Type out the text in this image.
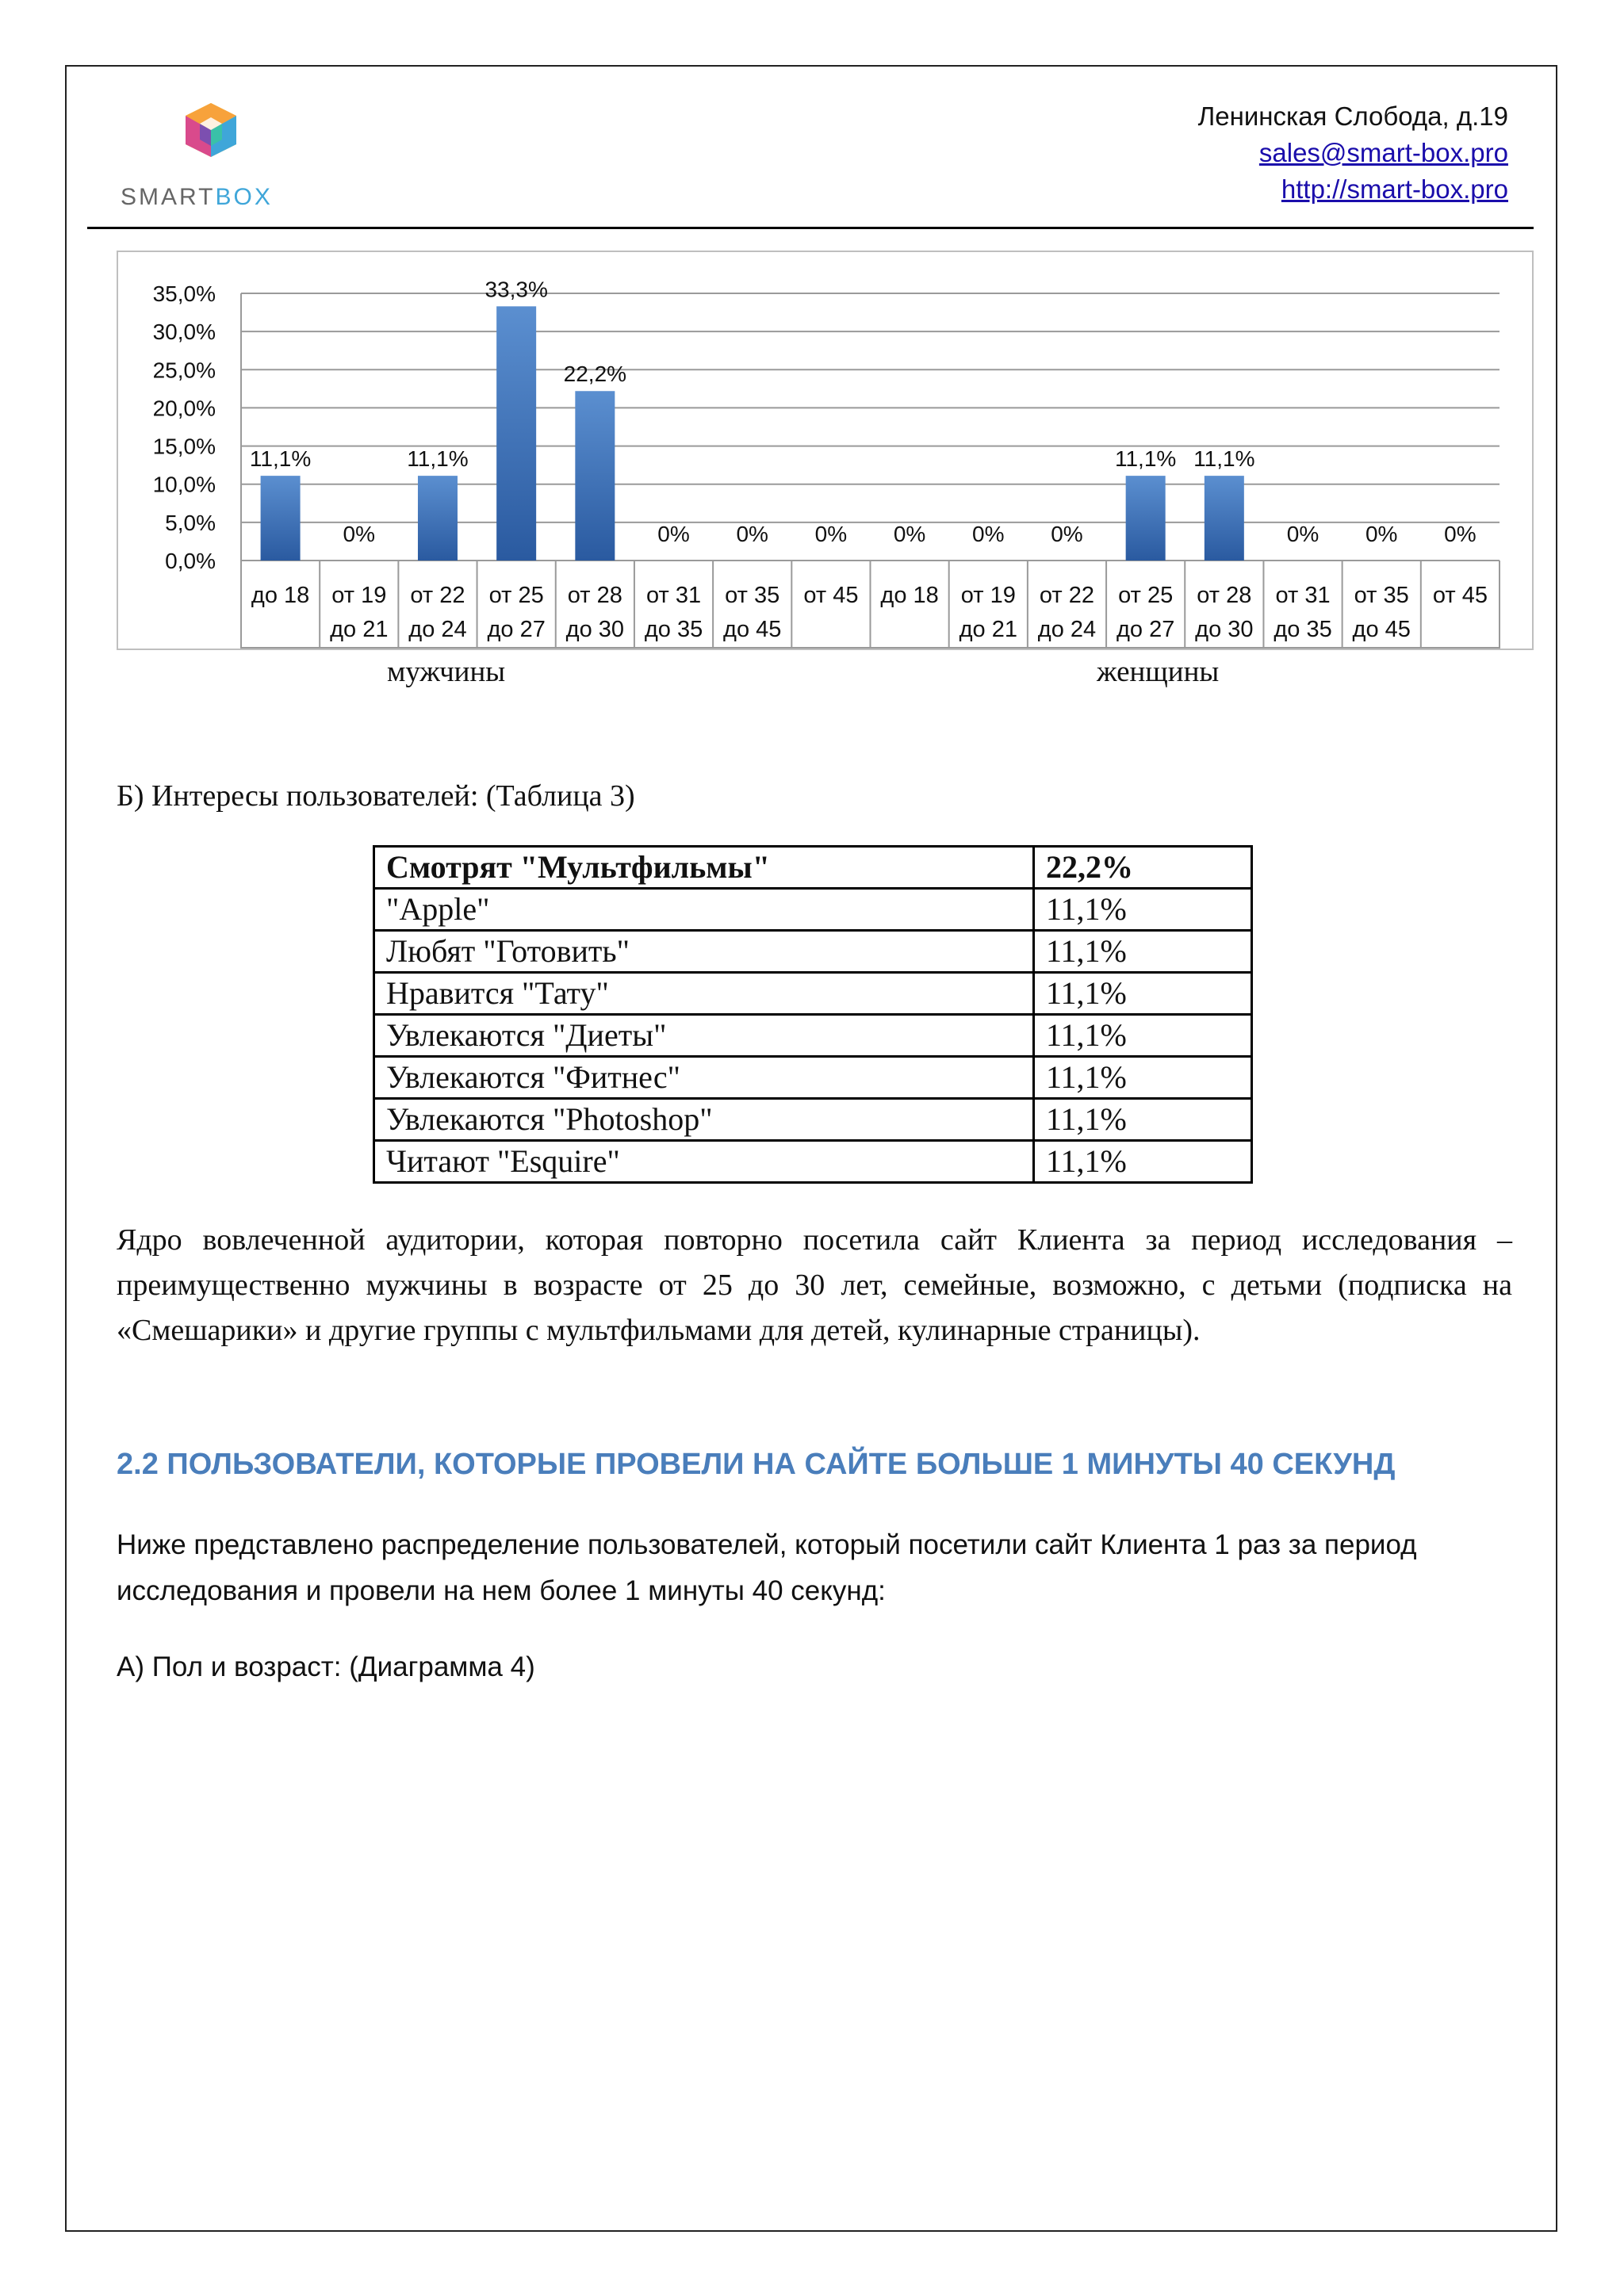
SMARTBOX
Ленинская Слобода, д.19
sales@smart-box.pro
http://smart-box.pro
0,0%
5,0%
10,0%
15,0%
20,0%
25,0%
30,0%
35,0%
11,1%
до 18
0%
от 19
до 21
11,1%
от 22
до 24
33,3%
от 25
до 27
22,2%
от 28
до 30
0%
от 31
до 35
0%
от 35
до 45
0%
от 45
0%
до 18
0%
от 19
до 21
0%
от 22
до 24
11,1%
от 25
до 27
11,1%
от 28
до 30
0%
от 31
до 35
0%
от 35
до 45
0%
от 45
мужчины	женщины
Б) Интересы пользователей: (Таблица 3)
Смотрят "Мультфильмы"	22,2%
"Apple"	11,1%
Любят "Готовить"	11,1%
Нравится "Тату"	11,1%
Увлекаются "Диеты"	11,1%
Увлекаются "Фитнес"	11,1%
Увлекаются "Photoshop"	11,1%
Читают "Esquire"	11,1%
Ядро вовлеченной аудитории, которая повторно посетила сайт Клиента за период исследования – преимущественно мужчины в возрасте от 25 до 30 лет, семейные, возможно, с детьми (подписка на «Смешарики» и другие группы с мультфильмами для детей, кулинарные страницы).
2.2 ПОЛЬЗОВАТЕЛИ, КОТОРЫЕ ПРОВЕЛИ НА САЙТЕ БОЛЬШЕ 1 МИНУТЫ 40 СЕКУНД
Ниже представлено распределение пользователей, который посетили сайт Клиента 1 раз за период исследования и провели на нем более 1 минуты 40 секунд:
А) Пол и возраст: (Диаграмма 4)
